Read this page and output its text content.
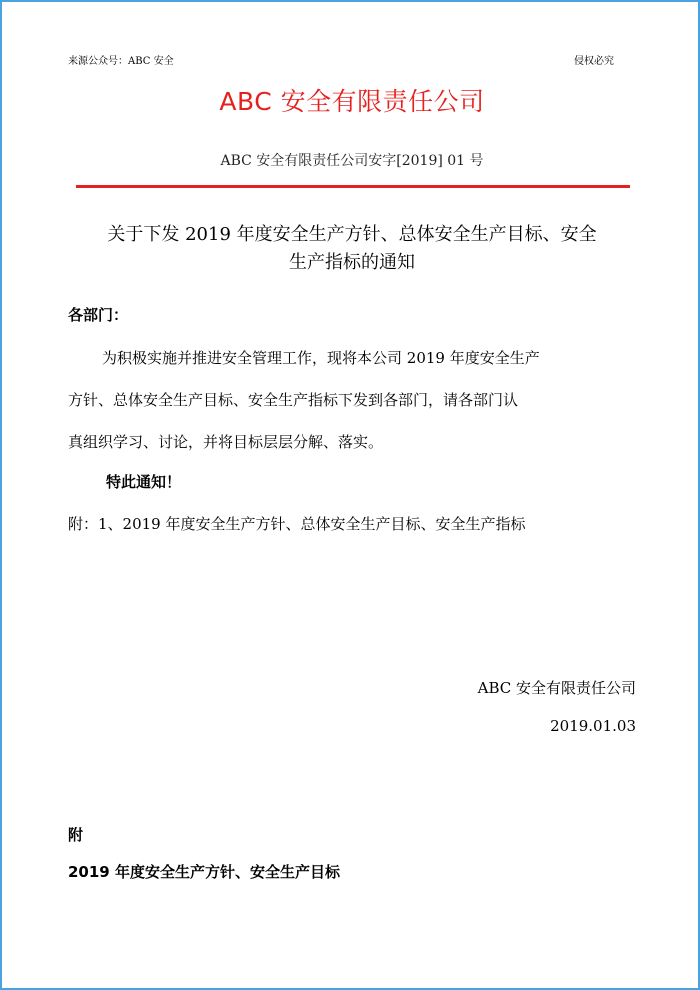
来源公众号：ABC 安全	侵权必究

ABC 安全有限责任公司

ABC 安全有限责任公司安字[2019] 01 号

关于下发 2019 年度安全生产方针、总体安全生产目标、安全
生产指标的通知

各部门：

为积极实施并推进安全管理工作，现将本公司 2019 年度安全生产

方针、总体安全生产目标、安全生产指标下发到各部门，请各部门认

真组织学习、讨论，并将目标层层分解、落实。

特此通知！

附：1、2019 年度安全生产方针、总体安全生产目标、安全生产指标

ABC 安全有限责任公司

2019.01.03

附

2019 年度安全生产方针、安全生产目标
